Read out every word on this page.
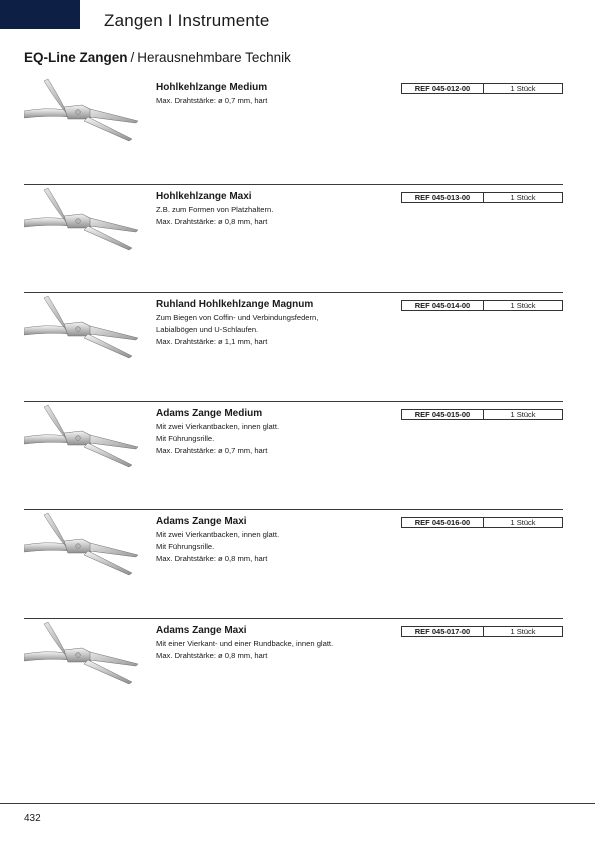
Zangen I Instrumente
EQ-Line Zangen / Herausnehmbare Technik
Hohlkehlzange Medium
Max. Drahtstärke: ø 0,7 mm, hart
REF 045-012-00	1 Stück
Hohlkehlzange Maxi
Z.B. zum Formen von Platzhaltern.
Max. Drahtstärke: ø 0,8 mm, hart
REF 045-013-00	1 Stück
Ruhland Hohlkehlzange Magnum
Zum Biegen von Coffin- und Verbindungsfedern,
Labialbögen und U-Schlaufen.
Max. Drahtstärke: ø 1,1 mm, hart
REF 045-014-00	1 Stück
Adams Zange Medium
Mit zwei Vierkantbacken, innen glatt.
Mit Führungsrille.
Max. Drahtstärke: ø 0,7 mm, hart
REF 045-015-00	1 Stück
Adams Zange Maxi
Mit zwei Vierkantbacken, innen glatt.
Mit Führungsrille.
Max. Drahtstärke: ø 0,8 mm, hart
REF 045-016-00	1 Stück
Adams Zange Maxi
Mit einer Vierkant- und einer Rundbacke, innen glatt.
Max. Drahtstärke: ø 0,8 mm, hart
REF 045-017-00	1 Stück
432
